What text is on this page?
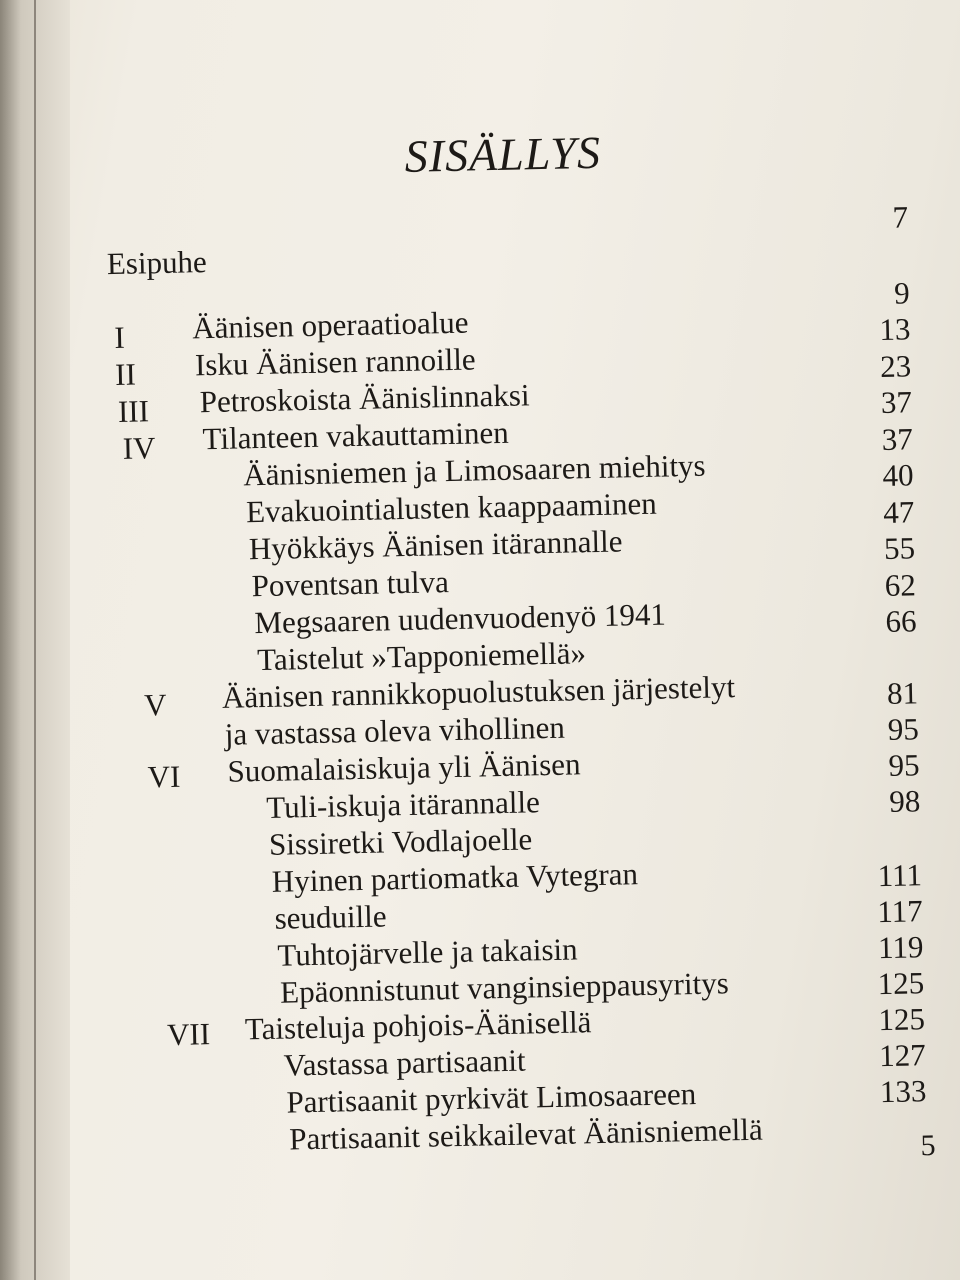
SISÄLLYS
7
Esipuhe
9
13
23
37
37
40
47
55
62
66
81
95
95
98
111
117
119
125
125
127
133
I Äänisen operaatioalue
II Isku Äänisen rannoille
III Petroskoista Äänislinnaksi
IV Tilanteen vakauttaminen
Äänisniemen ja Limosaaren miehitys
Evakuointialusten kaappaaminen
Hyökkäys Äänisen itärannalle
Poventsan tulva
Megsaaren uudenvuodenyö 1941
Taistelut »Tapponiemellä»
V Äänisen rannikkopuolustuksen järjestelyt
ja vastassa oleva vihollinen
VI Suomalaisiskuja yli Äänisen
Tuli-iskuja itärannalle
Sissiretki Vodlajoelle
Hyinen partiomatka Vytegran
seuduille
Tuhtojärvelle ja takaisin
Epäonnistunut vanginsieppausyritys
VII Taisteluja pohjois-Äänisellä
Vastassa partisaanit
Partisaanit pyrkivät Limosaareen
Partisaanit seikkailevat Äänisniemellä	5
